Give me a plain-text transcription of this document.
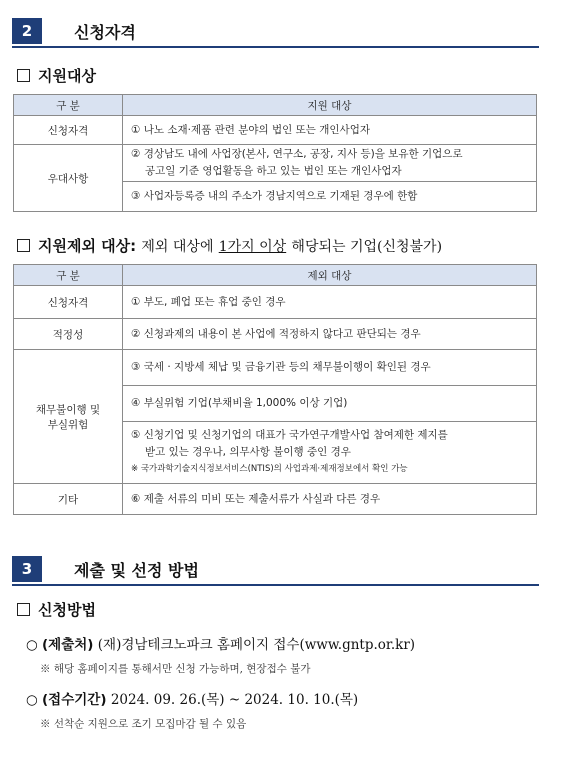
2	신청자격
지원대상
구 분	지원 대상
신청자격	① 나노 소재·제품 관련 분야의 법인 또는 개인사업자
우대사항	② 경상남도 내에 사업장(본사, 연구소, 공장, 지사 등)을 보유한 기업으로
공고일 기준 영업활동을 하고 있는 법인 또는 개인사업자

	③ 사업자등록증 내의 주소가 경남지역으로 기재된 경우에 한함
지원제외 대상: 제외 대상에 1가지 이상 해당되는 기업(신청불가)
구 분	제외 대상
신청자격	① 부도, 폐업 또는 휴업 중인 경우
적정성	② 신청과제의 내용이 본 사업에 적정하지 않다고 판단되는 경우

채무불이행 및
부실위험	③ 국세 · 지방세 체납 및 금융기관 등의 채무불이행이 확인된 경우
	④ 부실위험 기업(부채비율 1,000% 이상 기업)

	⑤ 신청기업 및 신청기업의 대표가 국가연구개발사업 참여제한 제지를
받고 있는 경우나, 의무사항 불이행 중인 경우
※ 국가과학기술지식정보서비스(NTIS)의 사업과제·제재정보에서 확인 가능

기타	⑥ 제출 서류의 미비 또는 제출서류가 사실과 다른 경우
3	제출 및 선정 방법
신청방법
○ (제출처) (재)경남테크노파크 홈페이지 접수(www.gntp.or.kr)
※ 해당 홈페이지를 통해서만 신청 가능하며, 현장접수 불가
○ (접수기간) 2024. 09. 26.(목) ~ 2024. 10. 10.(목)
※ 선착순 지원으로 조기 모집마감 될 수 있음
